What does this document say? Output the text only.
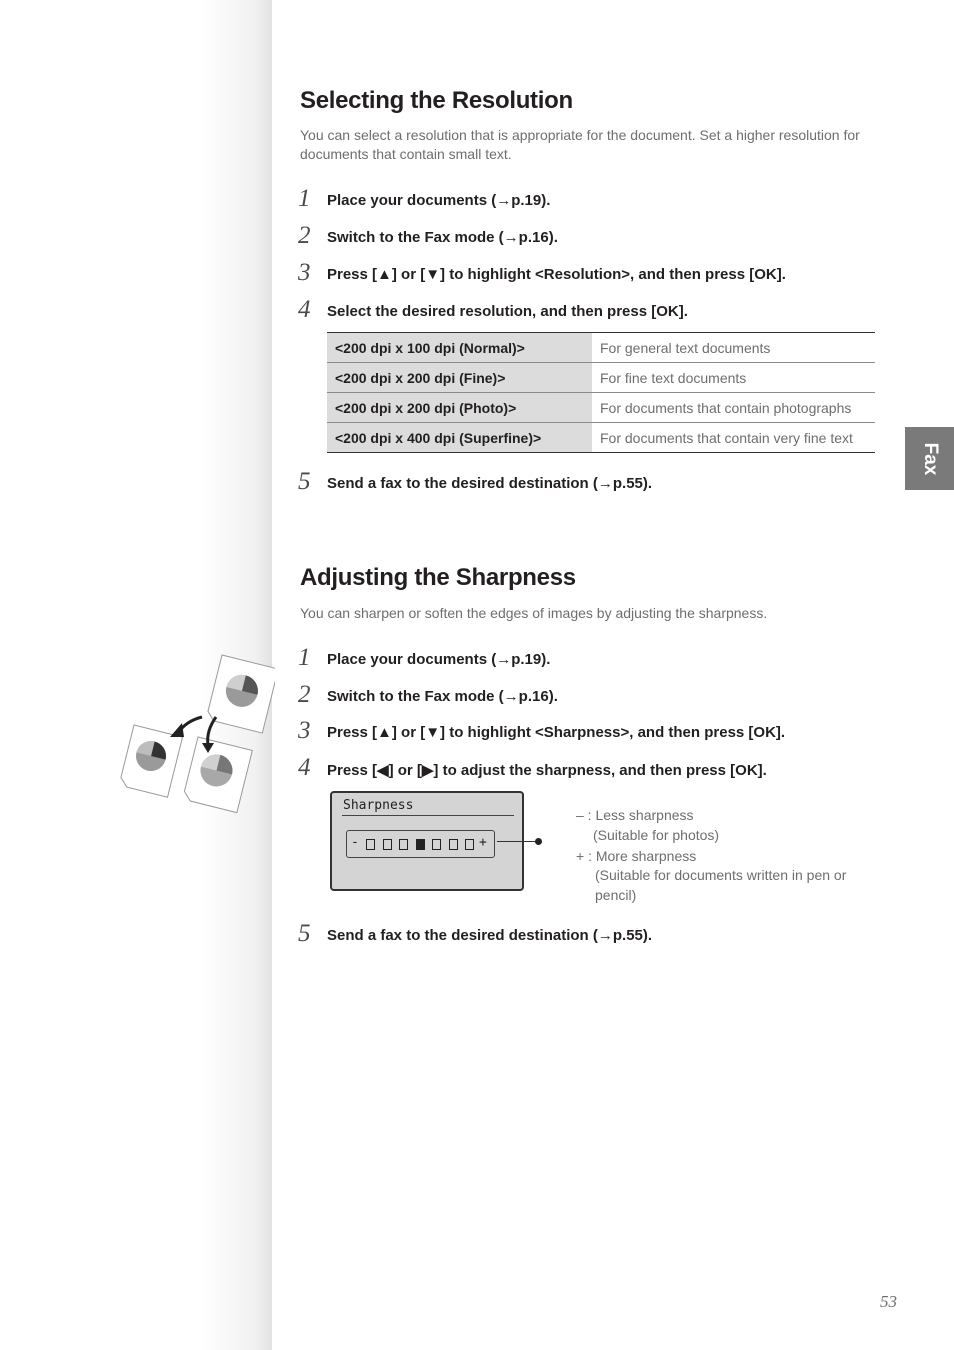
Selecting the Resolution

You can select a resolution that is appropriate for the document. Set a higher resolution for documents that contain small text.

1	Place your documents (→p.19).
2	Switch to the Fax mode (→p.16).
3	Press [▲] or [▼] to highlight <Resolution>, and then press [OK].
4	Select the desired resolution, and then press [OK].
<200 dpi x 100 dpi (Normal)>	For general text documents
<200 dpi x 200 dpi (Fine)>	For fine text documents
<200 dpi x 200 dpi (Photo)>	For documents that contain photographs
<200 dpi x 400 dpi (Superfine)>	For documents that contain very fine text
5	Send a fax to the desired destination (→p.55).
Fax
Adjusting the Sharpness

You can sharpen or soften the edges of images by adjusting the sharpness.

1	Place your documents (→p.19).
2	Switch to the Fax mode (→p.16).
3	Press [▲] or [▼] to highlight <Sharpness>, and then press [OK].
4	Press [◀] or [▶] to adjust the sharpness, and then press [OK].
Sharpness
-	+

– : Less sharpness

(Suitable for photos)

+ : More sharpness

(Suitable for documents written in pen or

pencil)

5	Send a fax to the desired destination (→p.55).
53
